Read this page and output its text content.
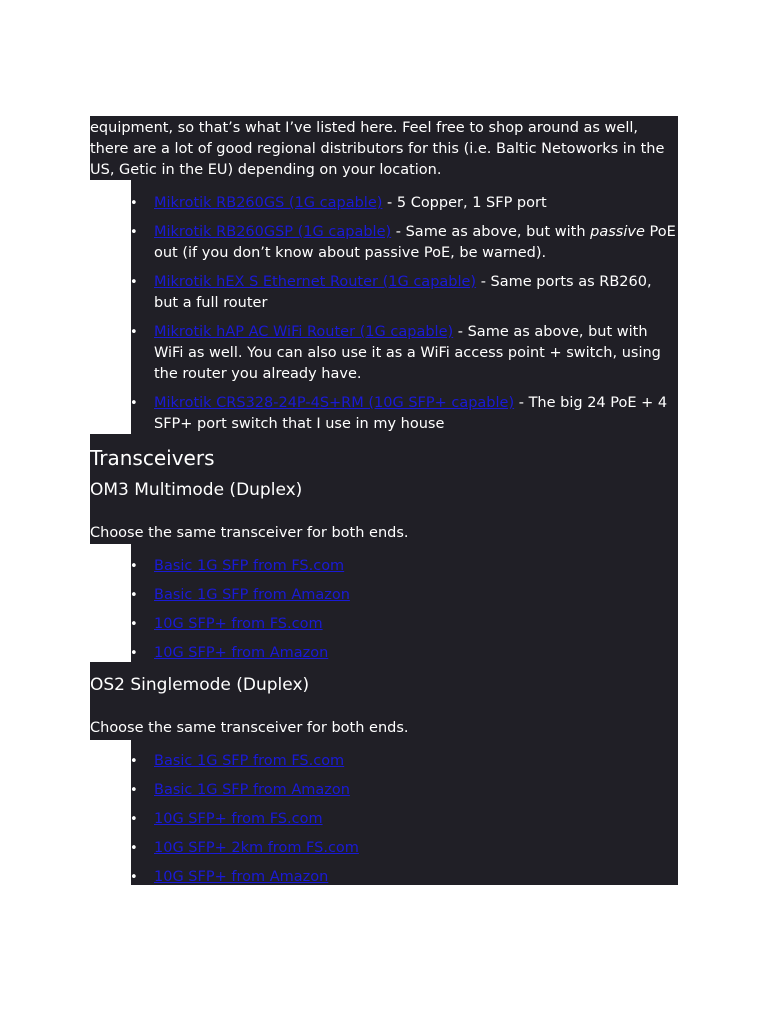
equipment, so that’s what I’ve listed here. Feel free to shop around as well, there are a lot of good regional distributors for this (i.e. Baltic Netoworks in the US, Getic in the EU) depending on your location.

• Mikrotik RB260GS (1G capable) - 5 Copper, 1 SFP port
• Mikrotik RB260GSP (1G capable) - Same as above, but with passive PoE out (if you don’t know about passive PoE, be warned).
• Mikrotik hEX S Ethernet Router (1G capable) - Same ports as RB260, but a full router
• Mikrotik hAP AC WiFi Router (1G capable) - Same as above, but with WiFi as well. You can also use it as a WiFi access point + switch, using the router you already have.
• Mikrotik CRS328-24P-4S+RM (10G SFP+ capable) - The big 24 PoE + 4 SFP+ port switch that I use in my house
Transceivers
OM3 Multimode (Duplex)

Choose the same transceiver for both ends.

• Basic 1G SFP from FS.com
• Basic 1G SFP from Amazon
• 10G SFP+ from FS.com
• 10G SFP+ from Amazon
OS2 Singlemode (Duplex)

Choose the same transceiver for both ends.

• Basic 1G SFP from FS.com
• Basic 1G SFP from Amazon
• 10G SFP+ from FS.com
• 10G SFP+ 2km from FS.com
• 10G SFP+ from Amazon
